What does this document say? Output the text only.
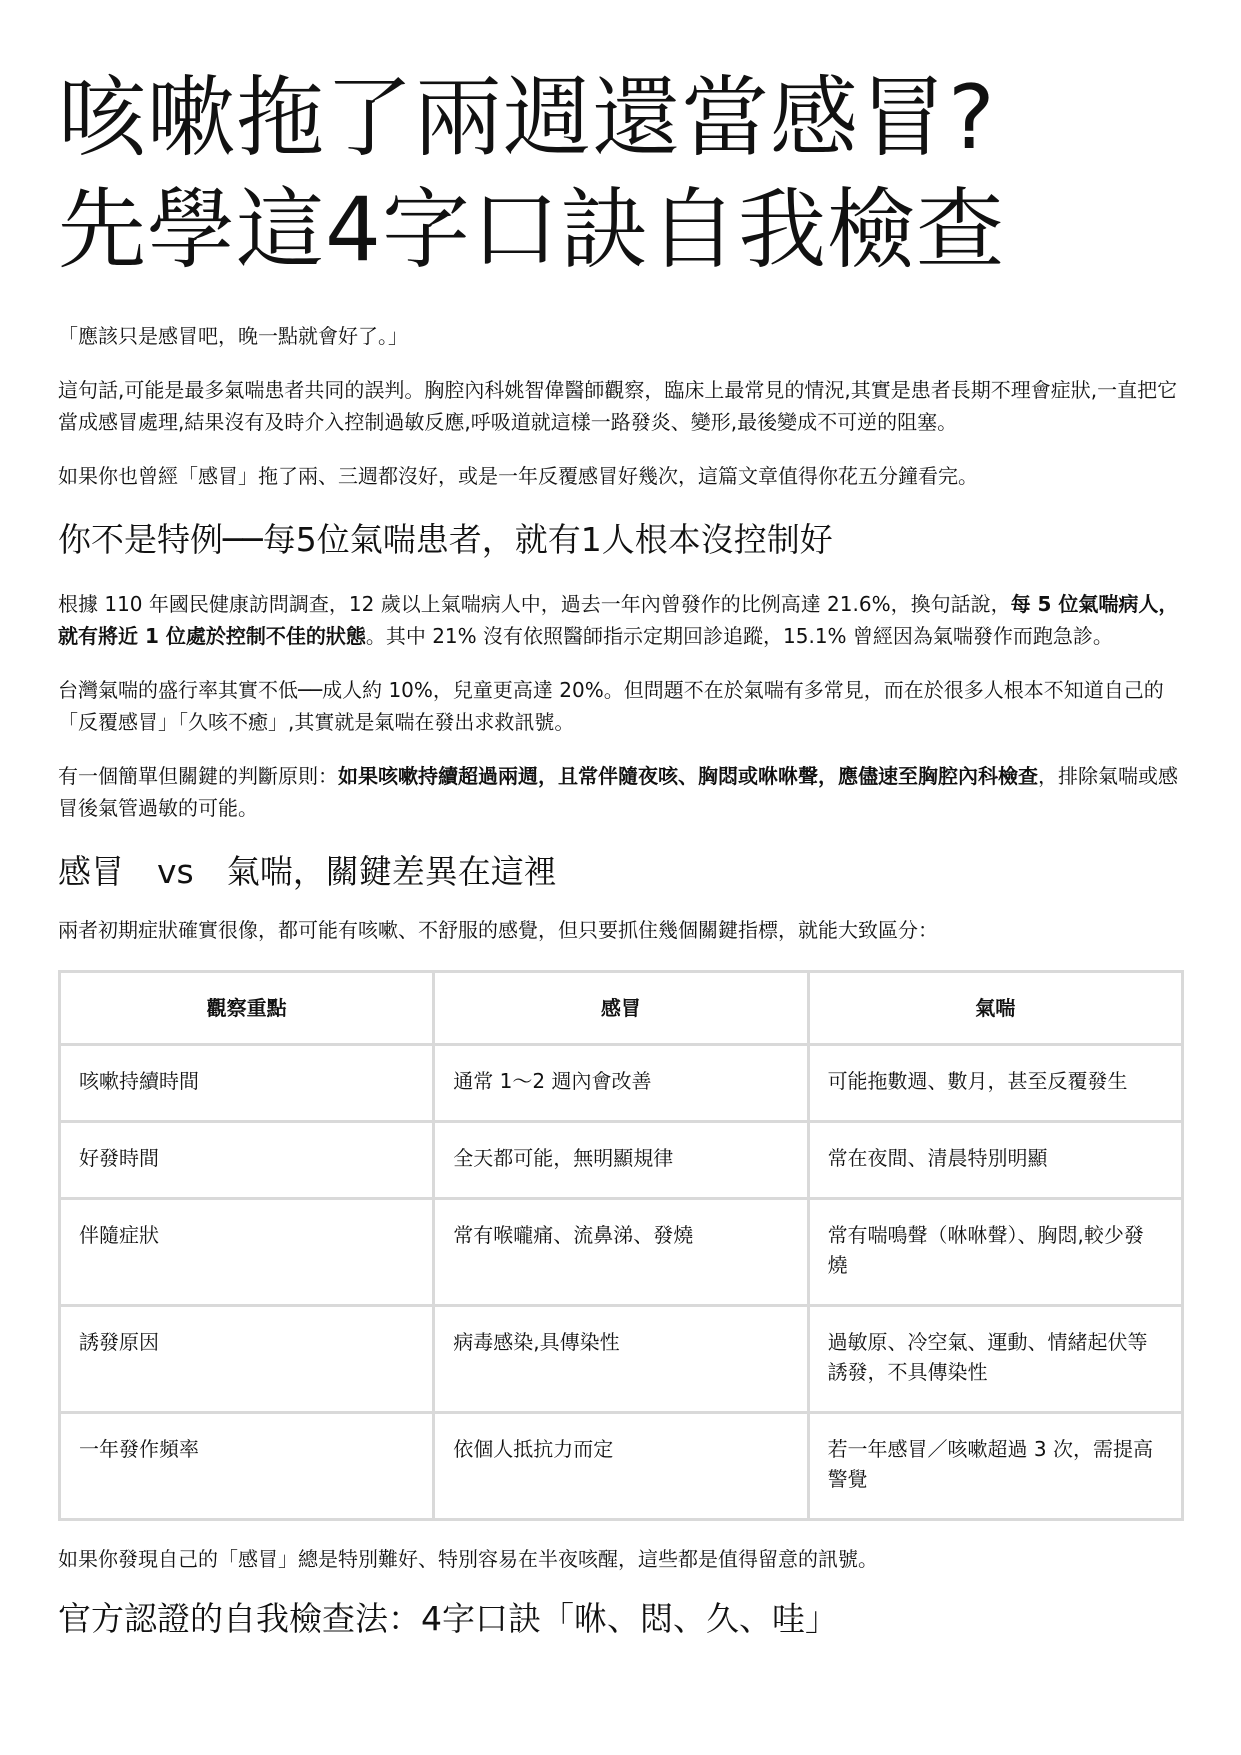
咳嗽拖了兩週還當感冒?
先學這4字口訣自我檢查

「應該只是感冒吧，晚一點就會好了。」

這句話,可能是最多氣喘患者共同的誤判。胸腔內科姚智偉醫師觀察，臨床上最常見的情況,其實是患者長期不理會症狀,一直把它當成感冒處理,結果沒有及時介入控制過敏反應,呼吸道就這樣一路發炎、變形,最後變成不可逆的阻塞。

如果你也曾經「感冒」拖了兩、三週都沒好，或是一年反覆感冒好幾次，這篇文章值得你花五分鐘看完。

你不是特例──每5位氣喘患者，就有1人根本沒控制好

根據 110 年國民健康訪問調查，12 歲以上氣喘病人中，過去一年內曾發作的比例高達 21.6%，換句話說，每 5 位氣喘病人，就有將近 1 位處於控制不佳的狀態。其中 21% 沒有依照醫師指示定期回診追蹤，15.1% 曾經因為氣喘發作而跑急診。

台灣氣喘的盛行率其實不低──成人約 10%，兒童更高達 20%。但問題不在於氣喘有多常見，而在於很多人根本不知道自己的「反覆感冒」「久咳不癒」,其實就是氣喘在發出求救訊號。

有一個簡單但關鍵的判斷原則：如果咳嗽持續超過兩週，且常伴隨夜咳、胸悶或咻咻聲，應儘速至胸腔內科檢查，排除氣喘或感冒後氣管過敏的可能。

感冒　vs　氣喘，關鍵差異在這裡

兩者初期症狀確實很像，都可能有咳嗽、不舒服的感覺，但只要抓住幾個關鍵指標，就能大致區分：

觀察重點	感冒	氣喘
咳嗽持續時間	通常 1～2 週內會改善	可能拖數週、數月，甚至反覆發生
好發時間	全天都可能，無明顯規律	常在夜間、清晨特別明顯
伴隨症狀	常有喉嚨痛、流鼻涕、發燒	常有喘鳴聲（咻咻聲）、胸悶,較少發燒
誘發原因	病毒感染,具傳染性	過敏原、冷空氣、運動、情緒起伏等誘發，不具傳染性
一年發作頻率	依個人抵抗力而定	若一年感冒／咳嗽超過 3 次，需提高警覺

如果你發現自己的「感冒」總是特別難好、特別容易在半夜咳醒，這些都是值得留意的訊號。

官方認證的自我檢查法：4字口訣「咻、悶、久、哇」
